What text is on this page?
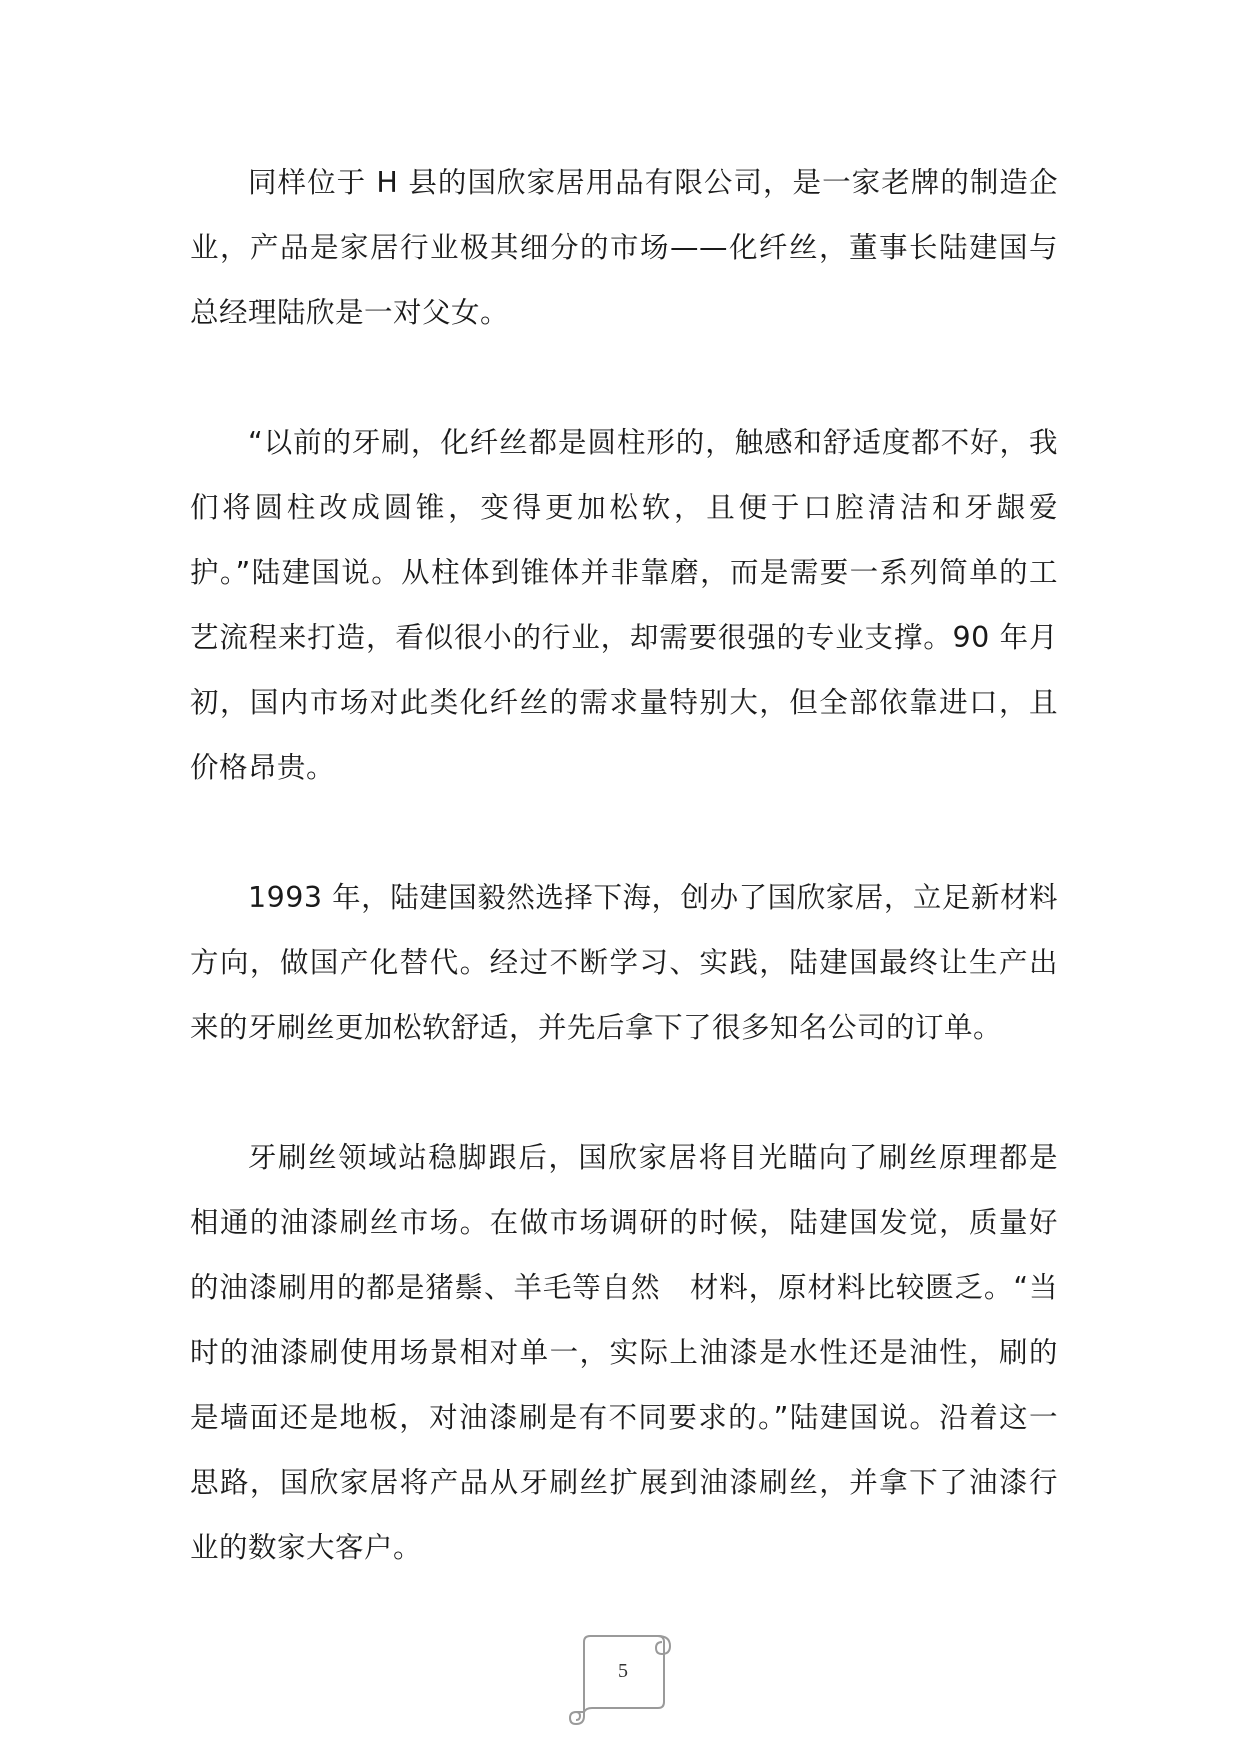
同样位于 H 县的国欣家居用品有限公司，是一家老牌的制造企业，产品是家居行业极其细分的市场——化纤丝，董事长陆建国与总经理陆欣是一对父女。

“以前的牙刷，化纤丝都是圆柱形的，触感和舒适度都不好，我们将圆柱改成圆锥，变得更加松软，且便于口腔清洁和牙龈爱护。”陆建国说。从柱体到锥体并非靠磨，而是需要一系列简单的工艺流程来打造，看似很小的行业，却需要很强的专业支撑。90 年月初，国内市场对此类化纤丝的需求量特别大，但全部依靠进口，且价格昂贵。

1993 年，陆建国毅然选择下海，创办了国欣家居，立足新材料方向，做国产化替代。经过不断学习、实践，陆建国最终让生产出来的牙刷丝更加松软舒适，并先后拿下了很多知名公司的订单。

牙刷丝领域站稳脚跟后，国欣家居将目光瞄向了刷丝原理都是相通的油漆刷丝市场。在做市场调研的时候，陆建国发觉，质量好的油漆刷用的都是猪鬃、羊毛等自然　材料，原材料比较匮乏。“当时的油漆刷使用场景相对单一，实际上油漆是水性还是油性，刷的是墙面还是地板，对油漆刷是有不同要求的。”陆建国说。沿着这一思路，国欣家居将产品从牙刷丝扩展到油漆刷丝，并拿下了油漆行业的数家大客户。

5
